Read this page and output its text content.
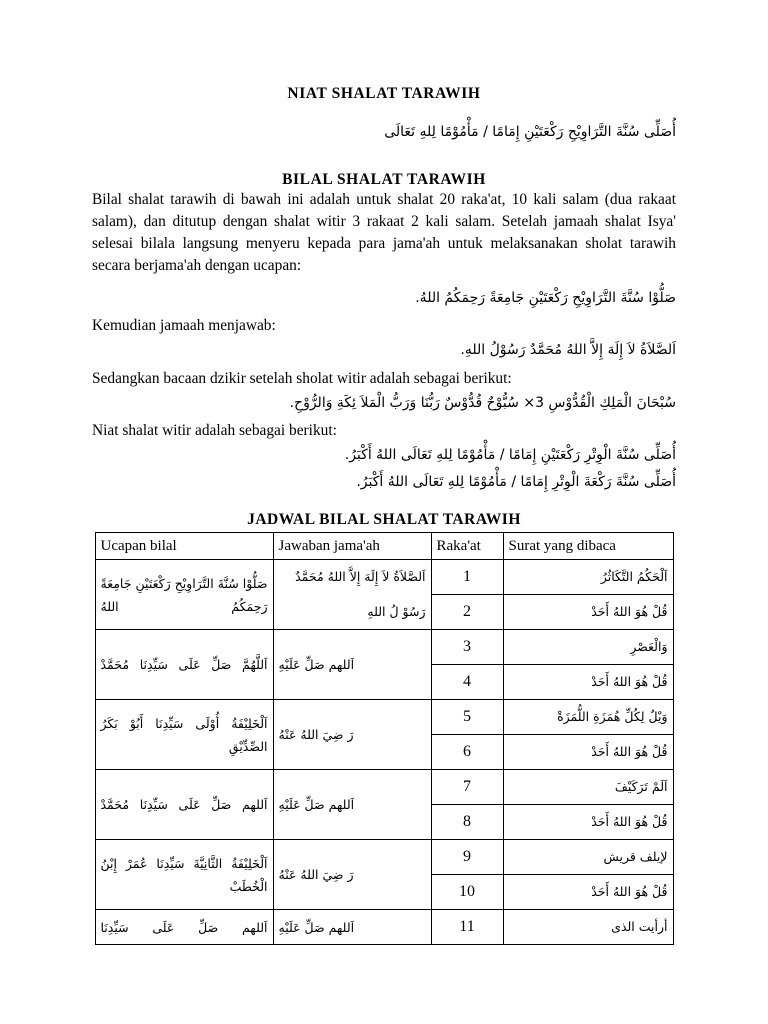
NIAT SHALAT TARAWIH

أُصَلِّى سُنَّةَ التَّرَاوِيْحِ رَكْعَتَيْنِ إِمَامًا / مَأْمُوْمًا لِلهِ تَعَالَى

BILAL SHALAT TARAWIH

Bilal shalat tarawih di bawah ini adalah untuk shalat 20 raka'at, 10 kali salam (dua rakaat salam), dan ditutup dengan shalat witir 3 rakaat 2 kali salam. Setelah jamaah shalat Isya' selesai bilala langsung menyeru kepada para jama'ah untuk melaksanakan sholat tarawih secara berjama'ah dengan ucapan:

صَلُّوْا سُنَّةَ التَّرَاوِيْحِ رَكْعَتَيْنِ جَامِعَةً رَحِمَكُمُ اللهُ.

Kemudian jamaah menjawab:

اَلصَّلاَةُ لاَ إِلَهَ إِلاَّ اللهُ مُحَمَّدٌ رَسُوْلُ اللهِ.

Sedangkan bacaan dzikir setelah sholat witir adalah sebagai berikut:

سُبْحَانَ الْمَلِكِ الْقُدُّوْسِ 3× سُبُّوْحٌ قُدُّوْسٌ رَبُّنَا وَرَبُّ الْمَلاَ ئِكَةِ وَالرُّوْحِ.

Niat shalat witir adalah sebagai berikut:

أُصَلِّى سُنَّةَ الْوِتْرِ رَكْعَتَيْنِ إِمَامًا / مَأْمُوْمًا لِلهِ تَعَالَى اللهُ أَكْبَرُ.

أُصَلِّى سُنَّةَ رَكْعَةَ الْوِتْرِ إِمَامًا / مَأْمُوْمًا لِلهِ تَعَالَى اللهُ أَكْبَرُ.

JADWAL BILAL SHALAT TARAWIH
Ucapan bilal	Jawaban jama'ah	Raka'at	Surat yang dibaca
صَلُّوْا سُنَّةَ التَّرَاوِيْحِ رَكْعَتَيْنِ جَامِعَةً رَحِمَكُمُ اللهُ	اَلصَّلاَةُ لاَ إِلَهَ إِلاَّ اللهُ مُحَمَّدٌ	1	اَلْحَكُمُ التَّكَاثُرُ
	رَسُوْ لُ اللهِ	2	قُلْ هُوَ اللهُ أَحَدْ
اَللَّهُمَّ صَلِّ عَلَى سَيِّدِنَا مُحَمَّدْ	اَللهم صَلِّ عَلَيْهِ	3	وَالْعَصْرِ
		4	قُلْ هُوَ اللهُ أَحَدْ
اَلْخَلِيْفَةُ أُوْلَى سَيِّدِنَا أَبُوْ بَكَرُ الصِّدِّيْقِ	رَ ضِيَ اللهُ عَنْهُ	5	وَيْلٌ لِكُلِّ هُمَزَةِ اللُّمَزَةْ
		6	قُلْ هُوَ اللهُ أَحَدْ
اَللهم صَلِّ عَلَى سَيِّدِنَا مُحَمَّدْ	اَللهم صَلِّ عَلَيْهِ	7	اَلَمْ تَرَكَيْفَ
		8	قُلْ هُوَ اللهُ أَحَدْ
اَلْخَلِيْفَةُ الثَّانِيَّةَ سَيِّدِنَا عُمَرْ إِبْنُ الْخُطَبْ	رَ ضِيَ اللهُ عَنْهُ	9	لإيلف قريش
		10	قُلْ هُوَ اللهُ أَحَدْ
اَللهم صَلِّ عَلَى سَيِّدِنَا	اَللهم صَلِّ عَلَيْهِ	11	أرأيت الذى
